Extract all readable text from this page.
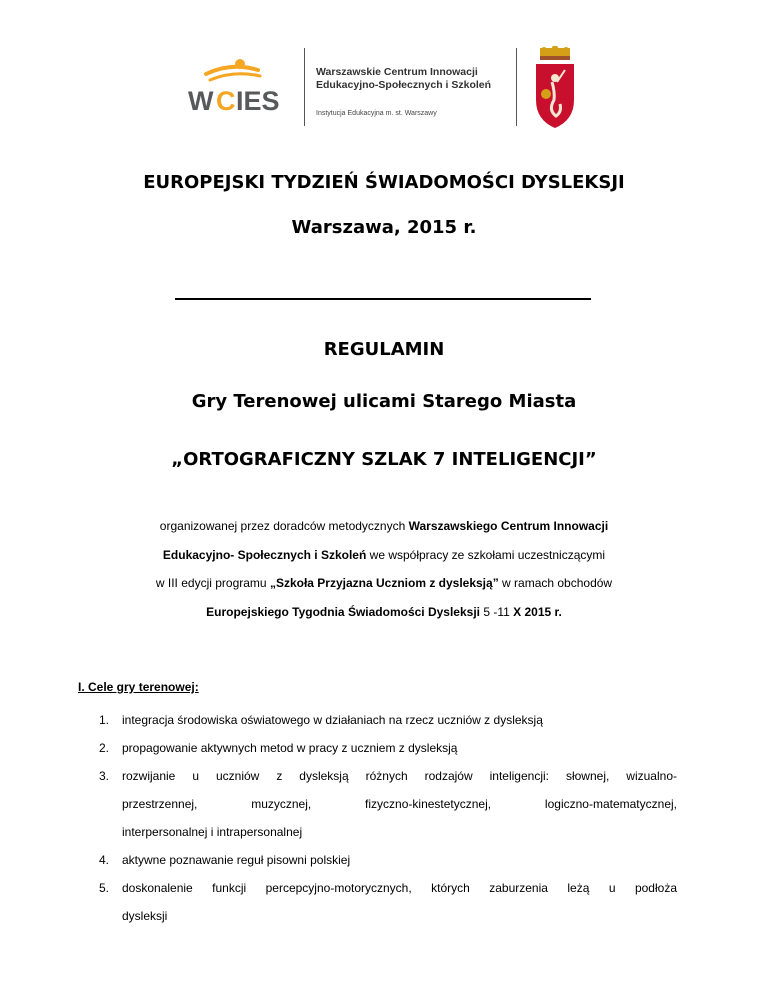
W C IES
Warszawskie Centrum Innowacji
Edukacyjno-Społecznych i Szkoleń
Instytucja Edukacyjna m. st. Warszawy
EUROPEJSKI TYDZIEŃ ŚWIADOMOŚCI DYSLEKSJI
Warszawa, 2015 r.
REGULAMIN
Gry Terenowej ulicami Starego Miasta
„ORTOGRAFICZNY SZLAK 7 INTELIGENCJI”
organizowanej przez doradców metodycznych Warszawskiego Centrum Innowacji
Edukacyjno- Społecznych i Szkoleń we współpracy ze szkołami uczestniczącymi
w III edycji programu „Szkoła Przyjazna Uczniom z dysleksją” w ramach obchodów
Europejskiego Tygodnia Świadomości Dysleksji 5 -11 X 2015 r.
I. Cele gry terenowej:
1. integracja środowiska oświatowego w działaniach na rzecz uczniów z dysleksją
2. propagowanie aktywnych metod w pracy z uczniem z dysleksją
3. rozwijanie u uczniów z dysleksją różnych rodzajów inteligencji: słownej, wizualno-
przestrzennej, muzycznej, fizyczno-kinestetycznej, logiczno-matematycznej,
interpersonalnej i intrapersonalnej
4. aktywne poznawanie reguł pisowni polskiej
5. doskonalenie funkcji percepcyjno-motorycznych, których zaburzenia leżą u podłoża
dysleksji
